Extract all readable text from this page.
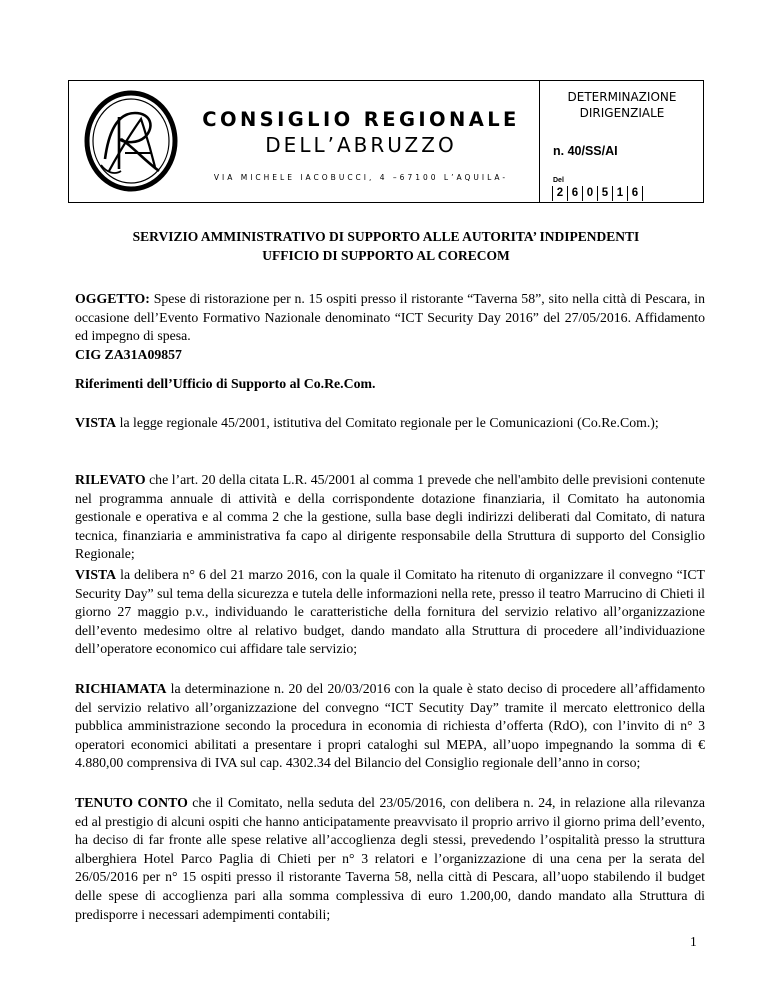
CONSIGLIO REGIONALE
DELL’ABRUZZO
VIA MICHELE IACOBUCCI, 4 –67100 L’AQUILA-
DETERMINAZIONE
DIRIGENZIALE
n. 40/SS/AI
Del
2 6 0 5 1 6
SERVIZIO AMMINISTRATIVO DI SUPPORTO ALLE AUTORITA’ INDIPENDENTI
UFFICIO DI SUPPORTO AL CORECOM

OGGETTO: Spese di ristorazione per n. 15 ospiti presso il ristorante “Taverna 58”, sito nella città di Pescara, in occasione dell’Evento Formativo Nazionale denominato “ICT Security Day 2016” del 27/05/2016. Affidamento ed impegno di spesa.
CIG ZA31A09857

Riferimenti dell’Ufficio di Supporto al Co.Re.Com.

VISTA la legge regionale 45/2001, istitutiva del Comitato regionale per le Comunicazioni (Co.Re.Com.);

RILEVATO che l’art. 20 della citata L.R. 45/2001 al comma 1 prevede che nell'ambito delle previsioni contenute nel programma annuale di attività e della corrispondente dotazione finanziaria, il Comitato ha autonomia gestionale e operativa e al comma 2 che la gestione, sulla base degli indirizzi deliberati dal Comitato, di natura tecnica, finanziaria e amministrativa fa capo al dirigente responsabile della Struttura di supporto del Consiglio Regionale;

VISTA la delibera n° 6 del 21 marzo 2016, con la quale il Comitato ha ritenuto di organizzare il convegno “ICT Security Day” sul tema della sicurezza e tutela delle informazioni nella rete, presso il teatro Marrucino di Chieti il giorno 27 maggio p.v., individuando le caratteristiche della fornitura del servizio relativo all’organizzazione dell’evento medesimo oltre al relativo budget, dando mandato alla Struttura di procedere all’individuazione dell’operatore economico cui affidare tale servizio;

RICHIAMATA la determinazione n. 20 del 20/03/2016 con la quale è stato deciso di procedere all’affidamento del servizio relativo all’organizzazione del convegno “ICT Secutity Day” tramite il mercato elettronico della pubblica amministrazione secondo la procedura in economia di richiesta d’offerta (RdO), con l’invito di n° 3 operatori economici abilitati a presentare i propri cataloghi sul MEPA, all’uopo impegnando la somma di € 4.880,00 comprensiva di IVA sul cap. 4302.34 del Bilancio del Consiglio regionale dell’anno in corso;

TENUTO CONTO che il Comitato, nella seduta del 23/05/2016, con delibera n. 24, in relazione alla rilevanza ed al prestigio di alcuni ospiti che hanno anticipatamente preavvisato il proprio arrivo il giorno prima dell’evento, ha deciso di far fronte alle spese relative all’accoglienza degli stessi, prevedendo l’ospitalità presso la struttura alberghiera Hotel Parco Paglia di Chieti per n° 3 relatori e l’organizzazione di una cena per la serata del 26/05/2016 per n° 15 ospiti presso il ristorante Taverna 58, nella città di Pescara, all’uopo stabilendo il budget delle spese di accoglienza pari alla somma complessiva di euro 1.200,00, dando mandato alla Struttura di predisporre i necessari adempimenti contabili;

1
